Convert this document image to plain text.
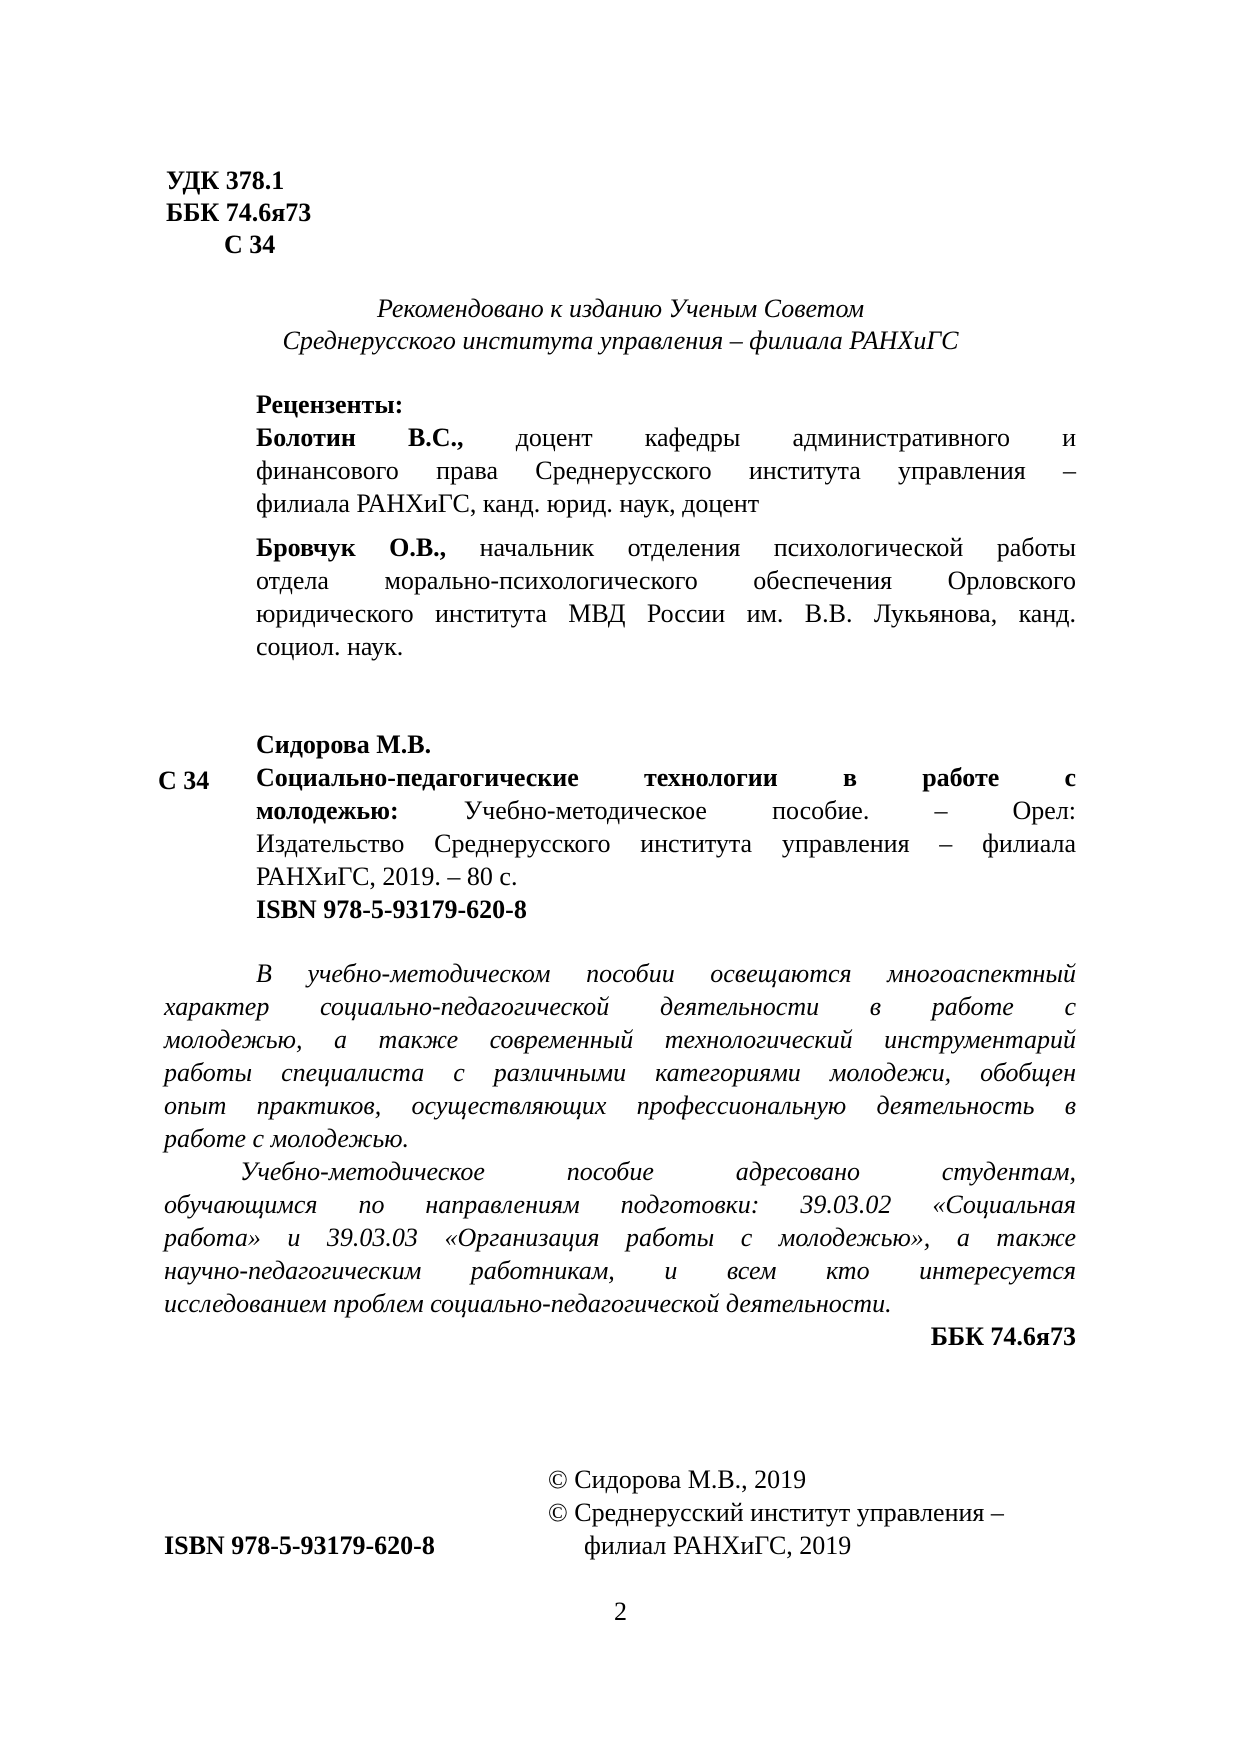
УДК 378.1
ББК 74.6я73
С 34
Рекомендовано к изданию Ученым Советом
Среднерусского института управления – филиала РАНХиГС
Рецензенты:
Болотин В.С., доцент кафедры административного и
финансового права Среднерусского института управления –
филиала РАНХиГС, канд. юрид. наук, доцент
Бровчук О.В., начальник отделения психологической работы
отдела морально-психологического обеспечения Орловского
юридического института МВД России им. В.В. Лукьянова, канд.
социол. наук.
Сидорова М.В.
С 34 Социально-педагогические	технологии	в	работе	с
молодежью:	Учебно-методическое	пособие.	–	Орел:
Издательство Среднерусского института управления – филиала
РАНХиГС, 2019. – 80 с.
ISBN 978-5-93179-620-8
В учебно-методическом пособии освещаются многоаспектный
характер социально-педагогической деятельности в работе с
молодежью, а также современный технологический инструментарий
работы специалиста с различными категориями молодежи, обобщен
опыт практиков, осуществляющих профессиональную деятельность в
работе с молодежью.
Учебно-методическое пособие адресовано студентам,
обучающимся по направлениям подготовки: 39.03.02 «Социальная
работа» и 39.03.03 «Организация работы с молодежью», а также
научно-педагогическим работникам, и всем кто интересуется
исследованием проблем социально-педагогической деятельности.
ББК 74.6я73
© Сидорова М.В., 2019
© Среднерусский институт управления –
филиал РАНХиГС, 2019
ISBN 978-5-93179-620-8
2
